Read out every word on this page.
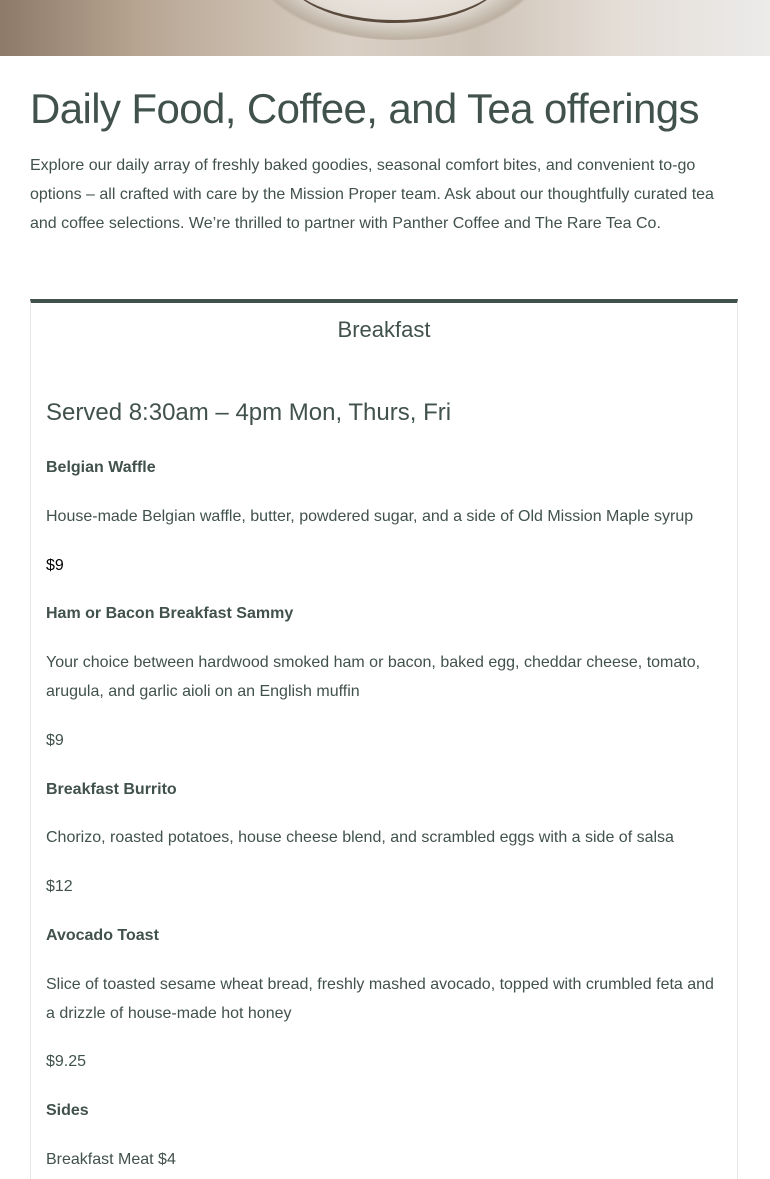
Daily Food, Coffee, and Tea offerings

Explore our daily array of freshly baked goodies, seasonal comfort bites, and convenient to-go options – all crafted with care by the Mission Proper team. Ask about our thoughtfully curated tea and coffee selections. We’re thrilled to partner with Panther Coffee and The Rare Tea Co.

Breakfast
Served 8:30am – 4pm Mon, Thurs, Fri
Belgian Waffle
House-made Belgian waffle, butter, powdered sugar, and a side of Old Mission Maple syrup
$9
Ham or Bacon Breakfast Sammy
Your choice between hardwood smoked ham or bacon, baked egg, cheddar cheese, tomato, arugula, and garlic aioli on an English muffin
$9
Breakfast Burrito
Chorizo, roasted potatoes, house cheese blend, and scrambled eggs with a side of salsa
$12
Avocado Toast
Slice of toasted sesame wheat bread, freshly mashed avocado, topped with crumbled feta and a drizzle of house-made hot honey
$9.25
Sides
Breakfast Meat $4
